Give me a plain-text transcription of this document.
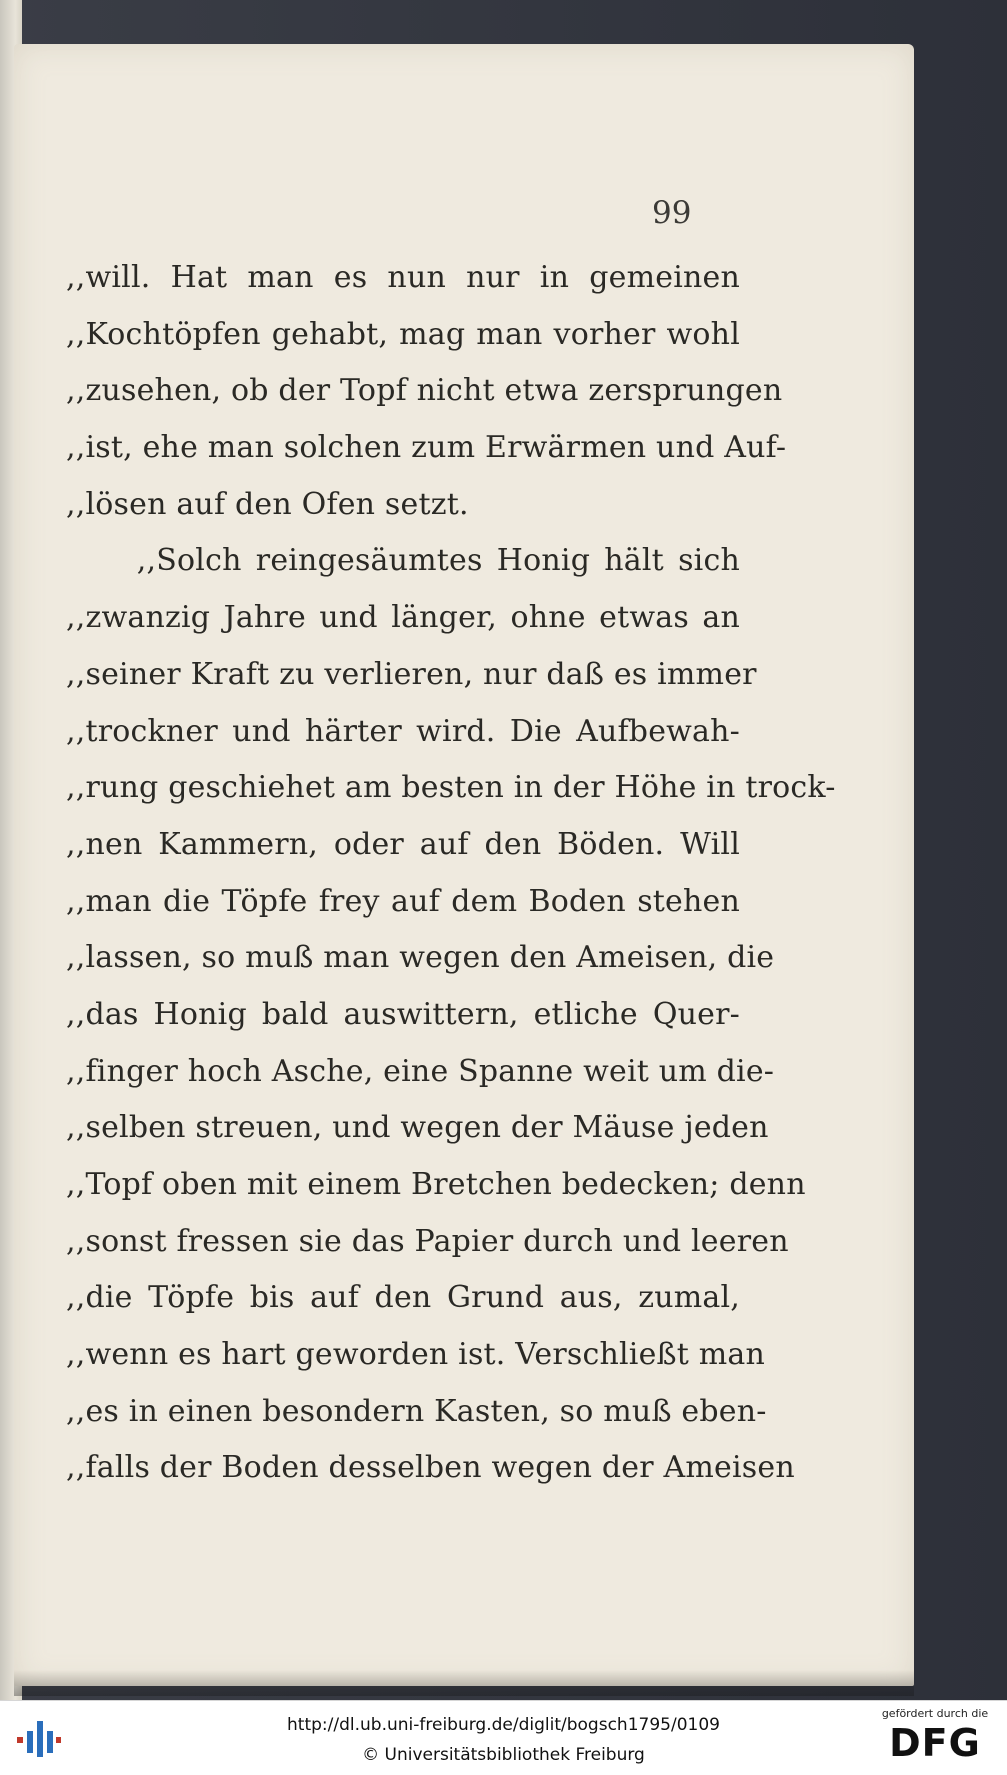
99
,,will. Hat man es nun nur in gemeinen
,,Kochtöpfen gehabt, mag man vorher wohl
,,zusehen, ob der Topf nicht etwa zersprungen
,,ist, ehe man solchen zum Erwärmen und Auf-
,,lösen auf den Ofen setzt.
,,Solch reingesäumtes Honig hält sich
,,zwanzig Jahre und länger, ohne etwas an
,,seiner Kraft zu verlieren, nur daß es immer
,,trockner und härter wird. Die Aufbewah-
,,rung geschiehet am besten in der Höhe in trock-
,,nen Kammern, oder auf den Böden. Will
,,man die Töpfe frey auf dem Boden stehen
,,lassen, so muß man wegen den Ameisen, die
,,das Honig bald auswittern, etliche Quer-
,,finger hoch Asche, eine Spanne weit um die-
,,selben streuen, und wegen der Mäuse jeden
,,Topf oben mit einem Bretchen bedecken; denn
,,sonst fressen sie das Papier durch und leeren
,,die Töpfe bis auf den Grund aus, zumal,
,,wenn es hart geworden ist. Verschließt man
,,es in einen besondern Kasten, so muß eben-
,,falls der Boden desselben wegen der Ameisen
http://dl.ub.uni-freiburg.de/diglit/bogsch1795/0109
© Universitätsbibliothek Freiburg
gefördert durch die
DFG
